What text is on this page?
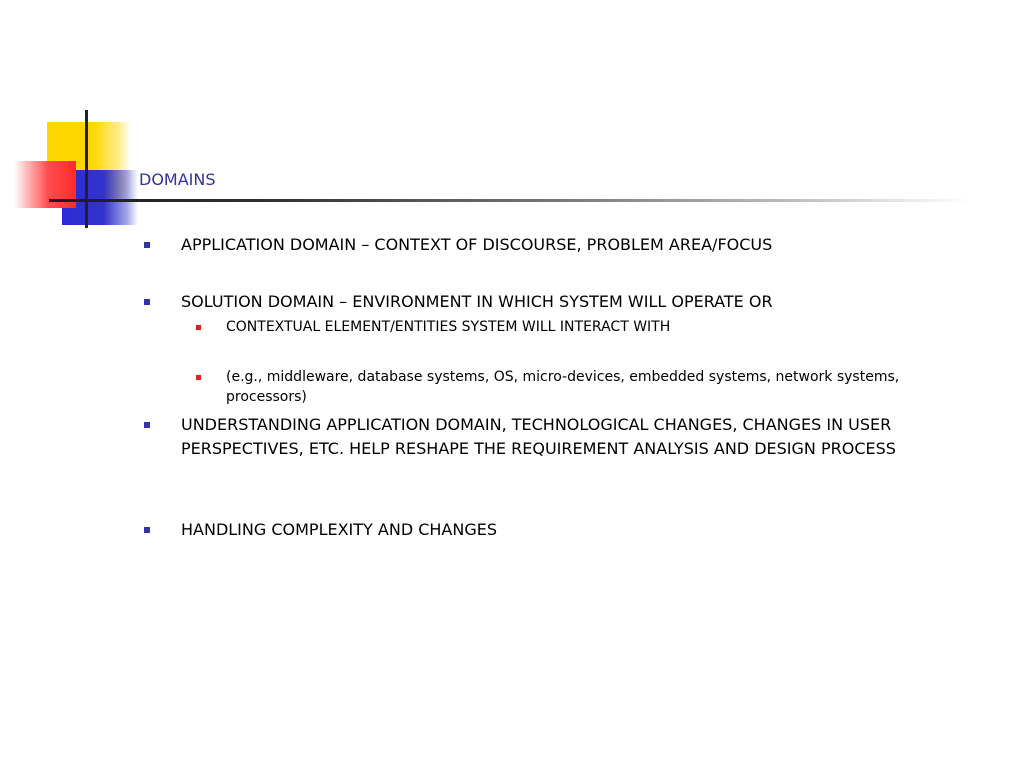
DOMAINS
APPLICATION DOMAIN – CONTEXT OF DISCOURSE, PROBLEM AREA/FOCUS
SOLUTION DOMAIN – ENVIRONMENT IN WHICH SYSTEM WILL OPERATE OR
CONTEXTUAL ELEMENT/ENTITIES SYSTEM WILL INTERACT WITH
(e.g., middleware, database systems, OS, micro-devices, embedded systems, network systems, processors)
UNDERSTANDING APPLICATION DOMAIN, TECHNOLOGICAL CHANGES, CHANGES IN USER PERSPECTIVES, ETC. HELP RESHAPE THE REQUIREMENT ANALYSIS AND DESIGN PROCESS
HANDLING COMPLEXITY AND CHANGES
